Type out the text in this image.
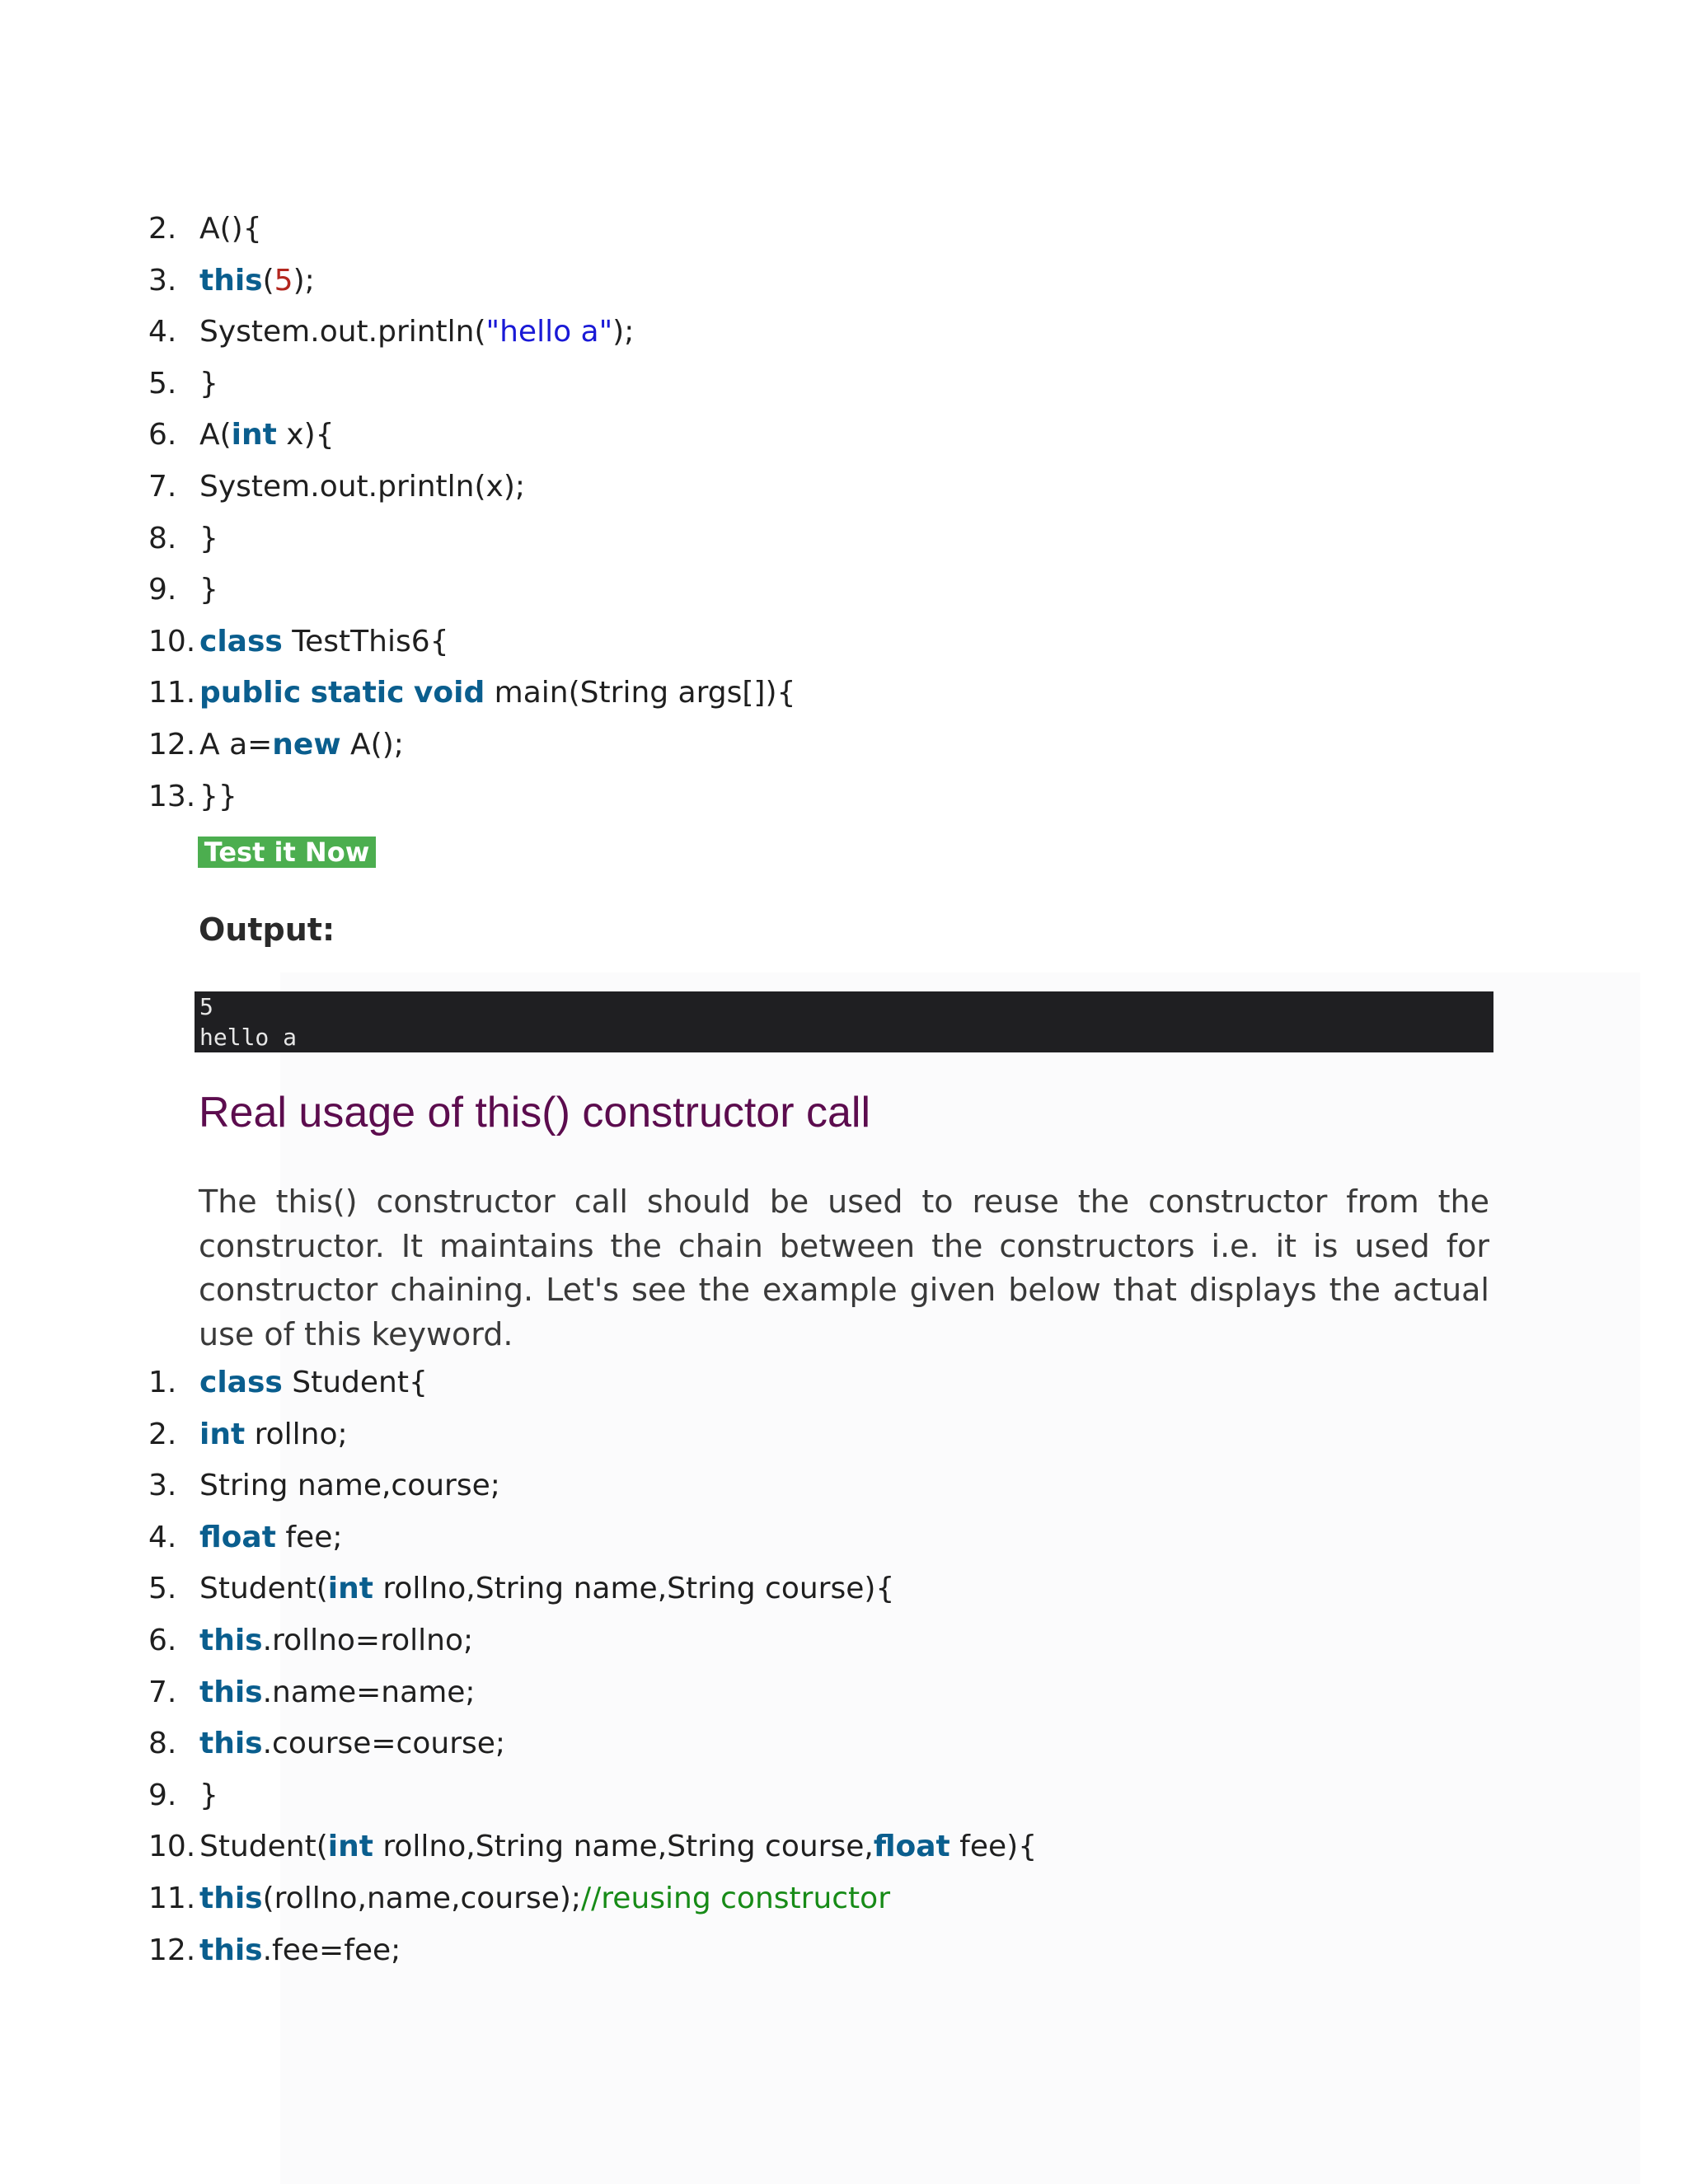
2. A(){
3. this(5);
4. System.out.println("hello a");
5. }
6. A(int x){
7. System.out.println(x);
8. }
9. }
10. class TestThis6{
11. public static void main(String args[]){
12. A a=new A();
13. }}
Test it Now
Output:
5
hello a
Real usage of this() constructor call

The this() constructor call should be used to reuse the constructor from the constructor. It maintains the chain between the constructors i.e. it is used for constructor chaining. Let's see the example given below that displays the actual use of this keyword.

1. class Student{
2. int rollno;
3. String name,course;
4. float fee;
5. Student(int rollno,String name,String course){
6. this.rollno=rollno;
7. this.name=name;
8. this.course=course;
9. }
10. Student(int rollno,String name,String course,float fee){
11. this(rollno,name,course);//reusing constructor
12. this.fee=fee;
